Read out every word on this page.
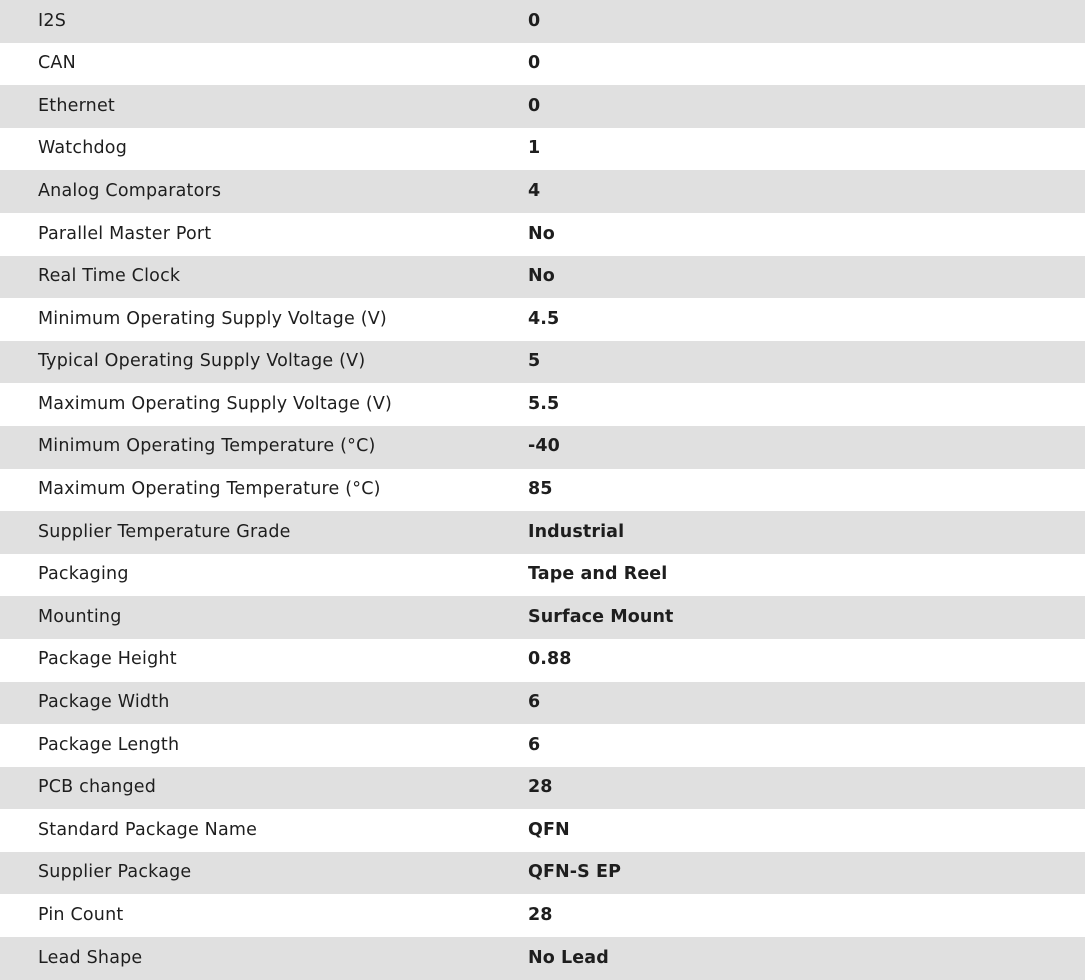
I2S	0
CAN	0
Ethernet	0
Watchdog	1
Analog Comparators	4
Parallel Master Port	No
Real Time Clock	No
Minimum Operating Supply Voltage (V)	4.5
Typical Operating Supply Voltage (V)	5
Maximum Operating Supply Voltage (V)	5.5
Minimum Operating Temperature (°C)	-40
Maximum Operating Temperature (°C)	85
Supplier Temperature Grade	Industrial
Packaging	Tape and Reel
Mounting	Surface Mount
Package Height	0.88
Package Width	6
Package Length	6
PCB changed	28
Standard Package Name	QFN
Supplier Package	QFN-S EP
Pin Count	28
Lead Shape	No Lead
